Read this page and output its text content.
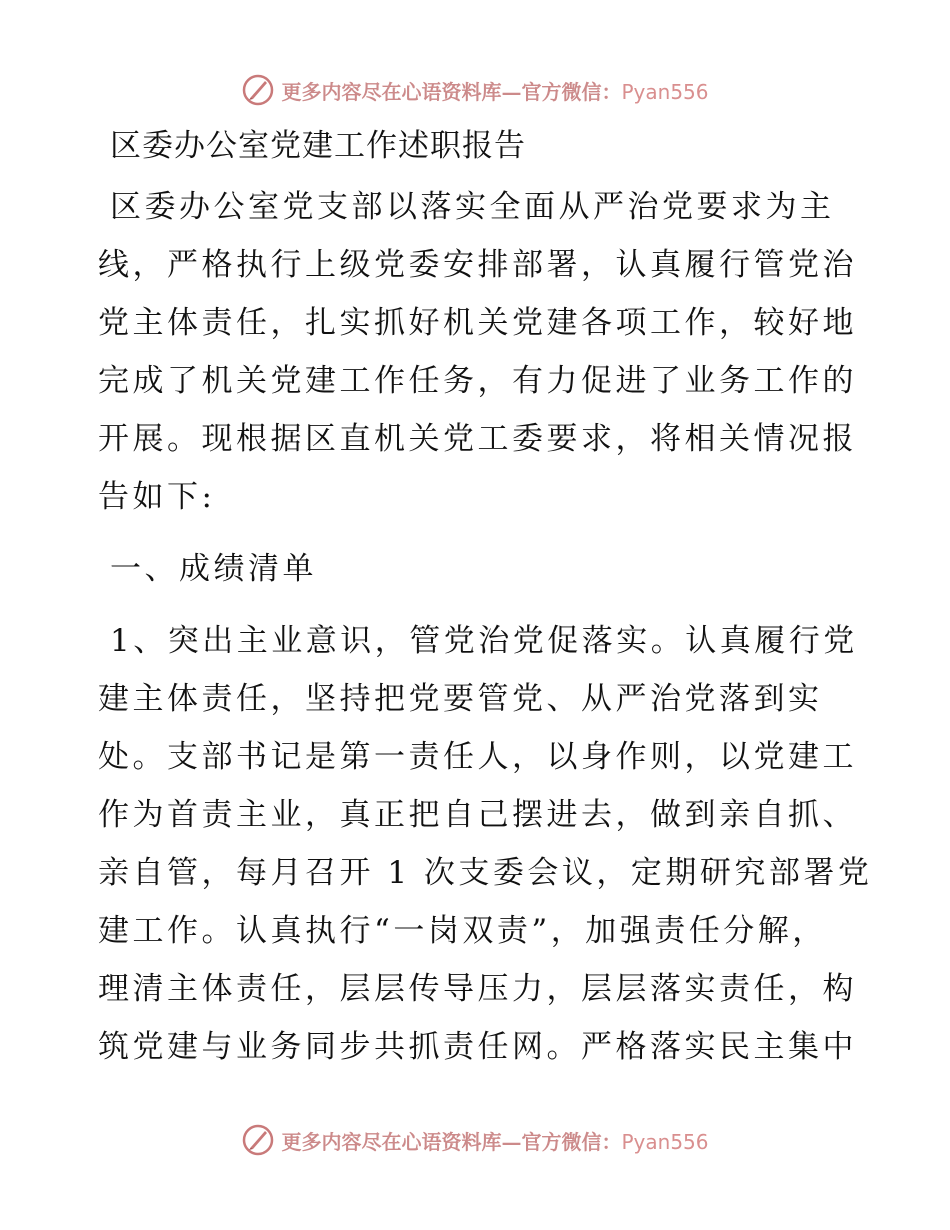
更多内容尽在心语资料库—官方微信：Pyan556
区委办公室党建工作述职报告
区委办公室党支部以落实全面从严治党要求为主
线，严格执行上级党委安排部署，认真履行管党治
党主体责任，扎实抓好机关党建各项工作，较好地
完成了机关党建工作任务，有力促进了业务工作的
开展。现根据区直机关党工委要求，将相关情况报
告如下:
一、成绩清单
1、突出主业意识，管党治党促落实。认真履行党
建主体责任，坚持把党要管党、从严治党落到实
处。支部书记是第一责任人，以身作则，以党建工
作为首责主业，真正把自己摆进去，做到亲自抓、
亲自管，每月召开 1 次支委会议，定期研究部署党
建工作。认真执行“一岗双责”，加强责任分解，
理清主体责任，层层传导压力，层层落实责任，构
筑党建与业务同步共抓责任网。严格落实民主集中
更多内容尽在心语资料库—官方微信：Pyan556
